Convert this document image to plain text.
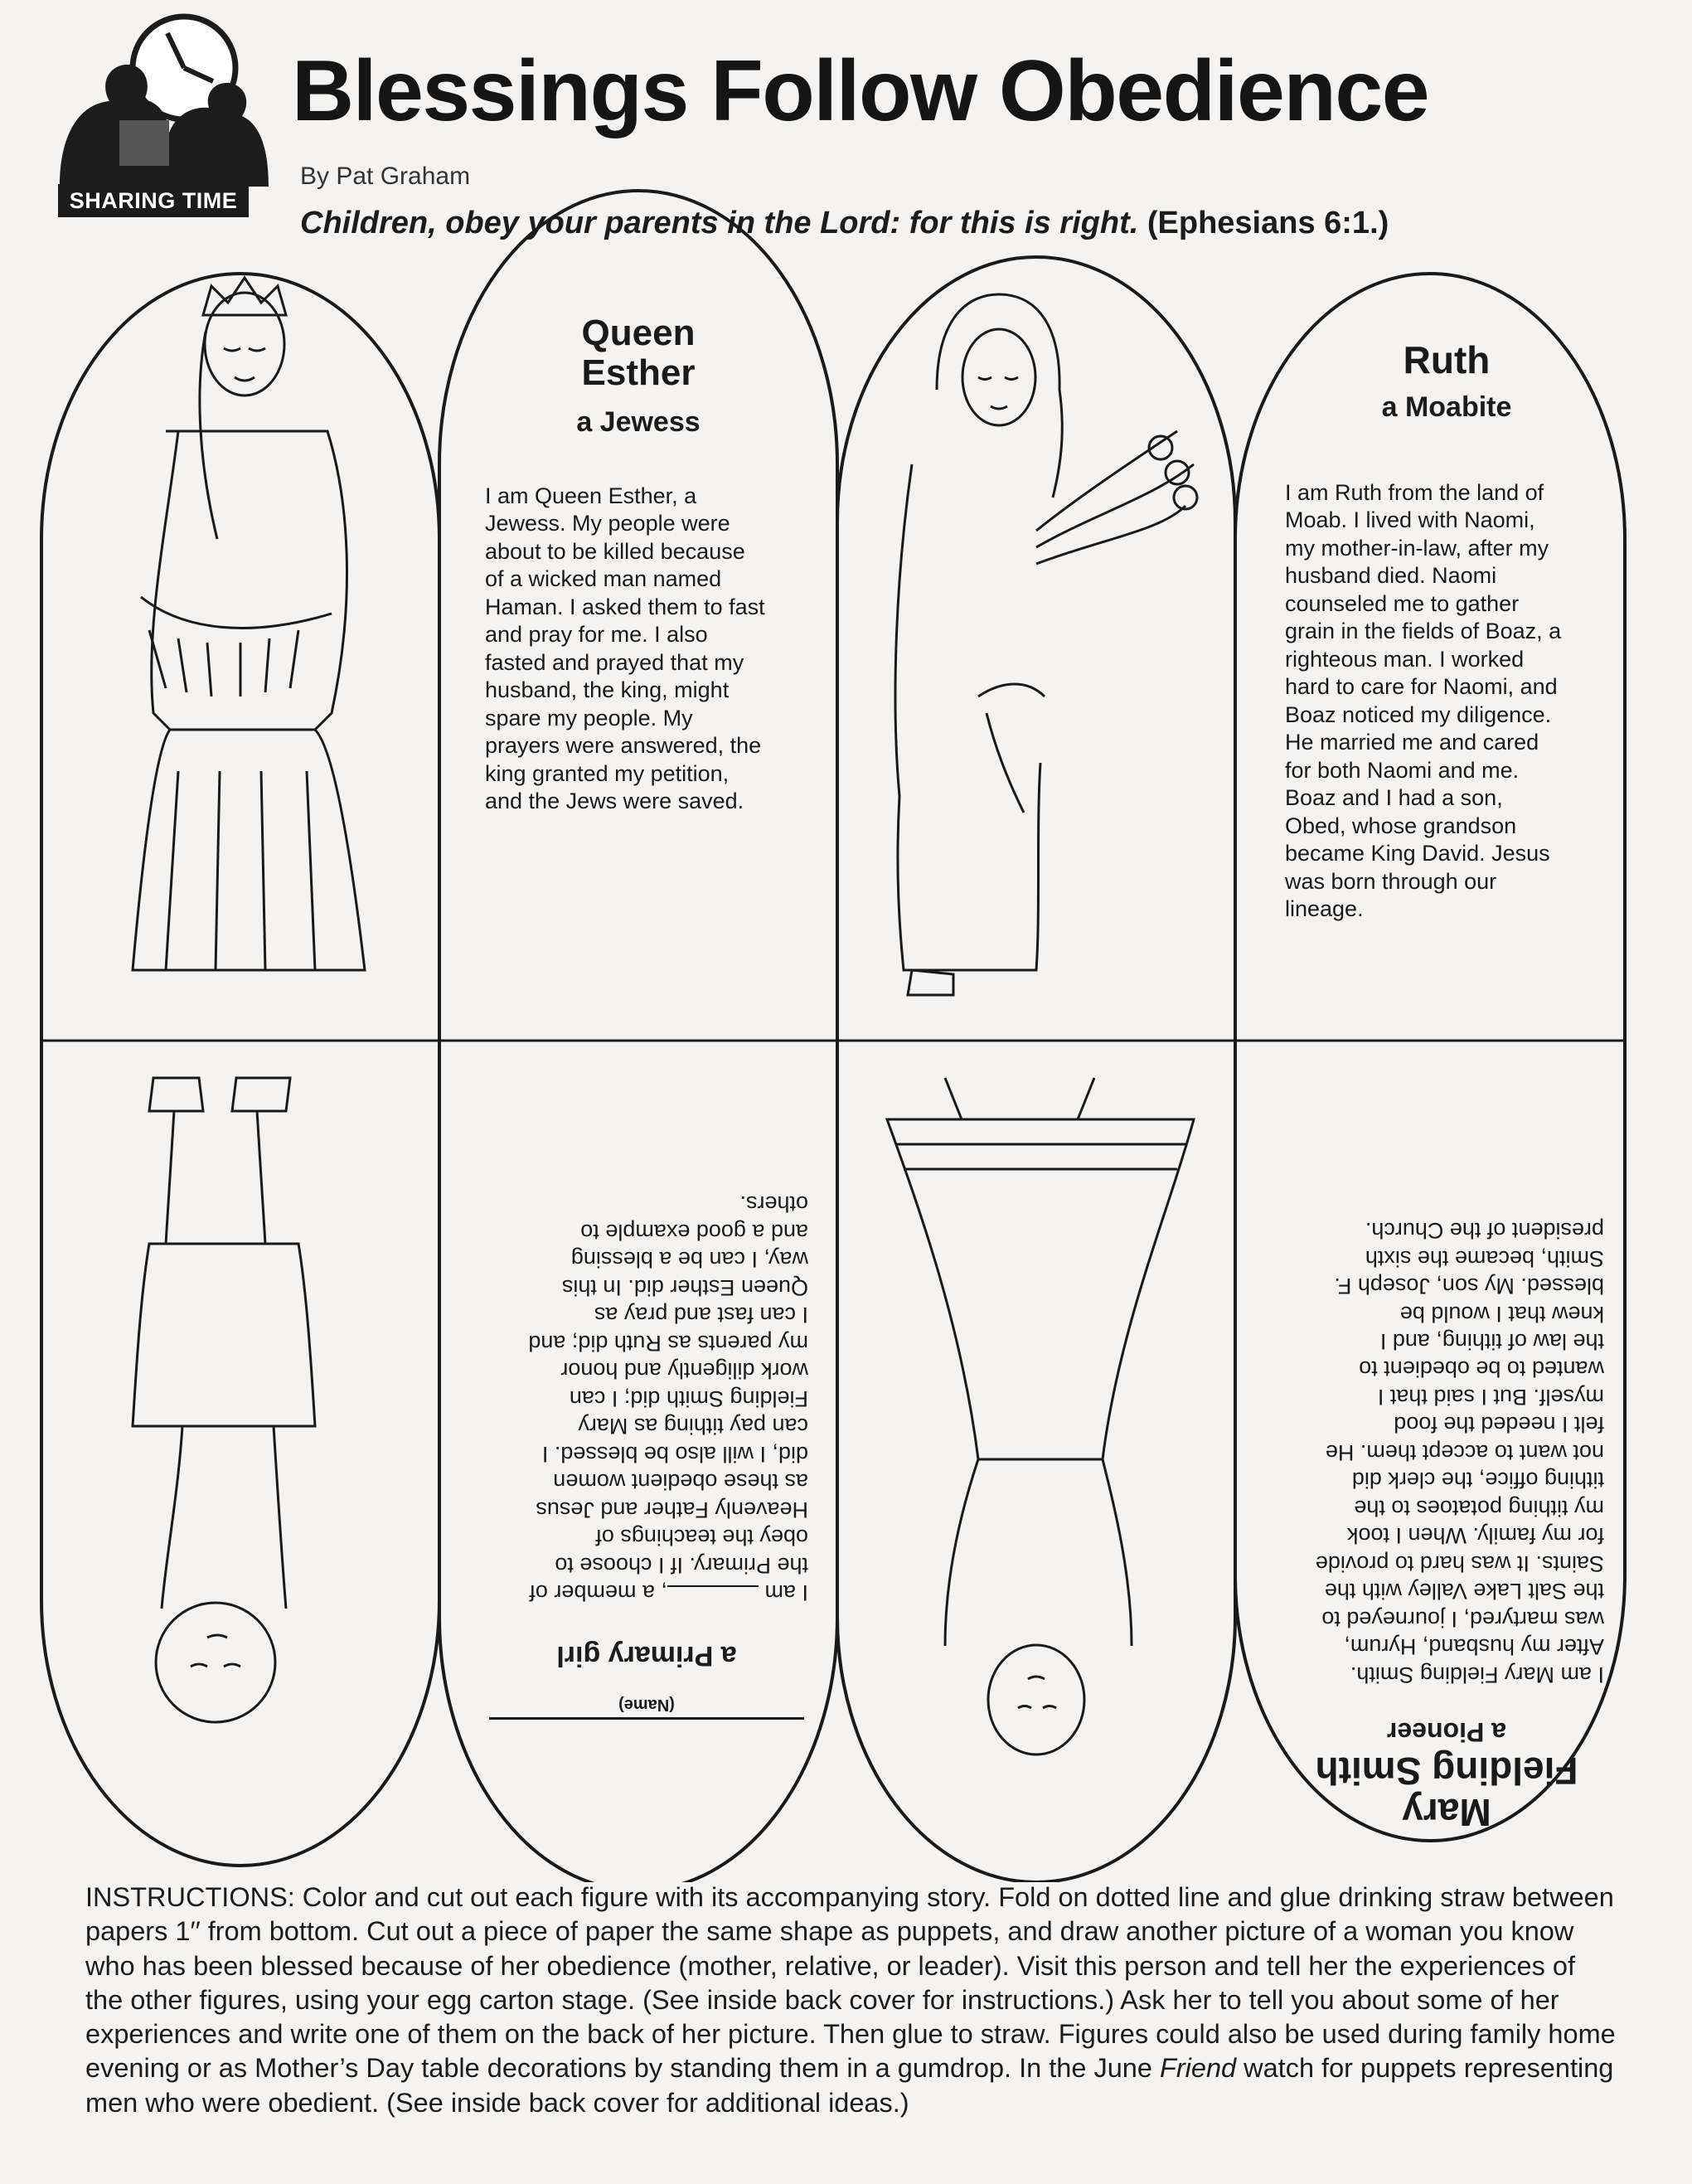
SHARING TIME
Blessings Follow Obedience
By Pat Graham
Children, obey your parents in the Lord: for this is right. (Ephesians 6:1.)
Queen
Esther
a Jewess
I am Queen Esther, a
Jewess. My people were
about to be killed because
of a wicked man named
Haman. I asked them to fast
and pray for me. I also
fasted and prayed that my
husband, the king, might
spare my people. My
prayers were answered, the
king granted my petition,
and the Jews were saved.
Ruth
a Moabite
I am Ruth from the land of
Moab. I lived with Naomi,
my mother-in-law, after my
husband died. Naomi
counseled me to gather
grain in the fields of Boaz, a
righteous man. I worked
hard to care for Naomi, and
Boaz noticed my diligence.
He married me and cared
for both Naomi and me.
Boaz and I had a son,
Obed, whose grandson
became King David. Jesus
was born through our
lineage.
Mary
Fielding Smith
a Pioneer
I am Mary Fielding Smith.
After my husband, Hyrum,
was martyred, I journeyed to
the Salt Lake Valley with the
Saints. It was hard to provide
for my family. When I took
my tithing potatoes to the
tithing office, the clerk did
not want to accept them. He
felt I needed the food
myself. But I said that I
wanted to be obedient to
the law of tithing, and I
knew that I would be
blessed. My son, Joseph F.
Smith, became the sixth
president of the Church.
(Name)
a Primary girl
I am , a member of
the Primary. If I choose to
obey the teachings of
Heavenly Father and Jesus
as these obedient women
did, I will also be blessed. I
can pay tithing as Mary
Fielding Smith did; I can
work diligently and honor
my parents as Ruth did; and
I can fast and pray as
Queen Esther did. In this
way, I can be a blessing
and a good example to
others.
INSTRUCTIONS: Color and cut out each figure with its accompanying story. Fold on dotted line and glue drinking straw between papers 1′′ from bottom. Cut out a piece of paper the same shape as puppets, and draw another picture of a woman you know who has been blessed because of her obedience (mother, relative, or leader). Visit this person and tell her the experiences of the other figures, using your egg carton stage. (See inside back cover for instructions.) Ask her to tell you about some of her experiences and write one of them on the back of her picture. Then glue to straw. Figures could also be used during family home evening or as Mother’s Day table decorations by standing them in a gumdrop. In the June Friend watch for puppets representing men who were obedient. (See inside back cover for additional ideas.)
